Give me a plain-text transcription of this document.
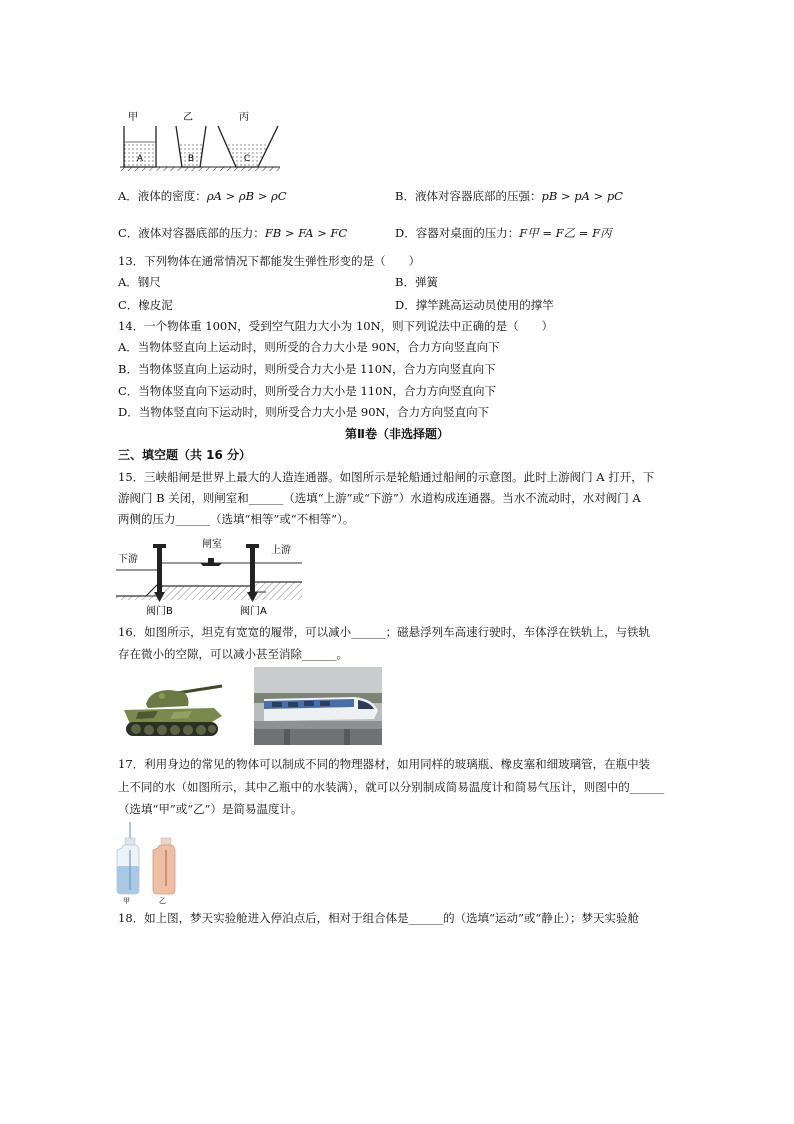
甲	乙	丙
A	B	C
A．液体的密度：ρA > ρB > ρC	B．液体对容器底部的压强：pB > pA > pC
C．液体对容器底部的压力：FB > FA > FC	D．容器对桌面的压力：F甲 = F乙 = F丙
13．下列物体在通常情况下都能发生弹性形变的是（　　）
A．钢尺	B．弹簧
C．橡皮泥	D．撑竿跳高运动员使用的撑竿
14．一个物体重 100N，受到空气阻力大小为 10N，则下列说法中正确的是（　　）
A．当物体竖直向上运动时，则所受的合力大小是 90N，合力方向竖直向下
B．当物体竖直向上运动时，则所受合力大小是 110N，合力方向竖直向下
C．当物体竖直向下运动时，则所受合力大小是 110N，合力方向竖直向下
D．当物体竖直向下运动时，则所受合力大小是 90N，合力方向竖直向下
第Ⅱ卷（非选择题）
三、填空题（共 16 分）
15．三峡船闸是世界上最大的人造连通器。如图所示是轮船通过船闸的示意图。此时上游阀门 A 打开，下
游阀门 B 关闭，则闸室和______（选填“上游”或“下游”）水道构成连通器。当水不流动时，水对阀门 A
两侧的压力______（选填“相等”或“不相等”）。
下游
闸室
上游
阀门B	阀门A
16．如图所示，坦克有宽宽的履带，可以减小______；磁悬浮列车高速行驶时，车体浮在铁轨上，与铁轨
存在微小的空隙，可以减小甚至消除______。
17．利用身边的常见的物体可以制成不同的物理器材，如用同样的玻璃瓶、橡皮塞和细玻璃管，在瓶中装
上不同的水（如图所示，其中乙瓶中的水装满），就可以分别制成简易温度计和简易气压计，则图中的______
（选填“甲”或“乙”）是简易温度计。
甲	乙
18．如上图，梦天实验舱进入停泊点后，相对于组合体是______的（选填“运动”或“静止）；梦天实验舱
